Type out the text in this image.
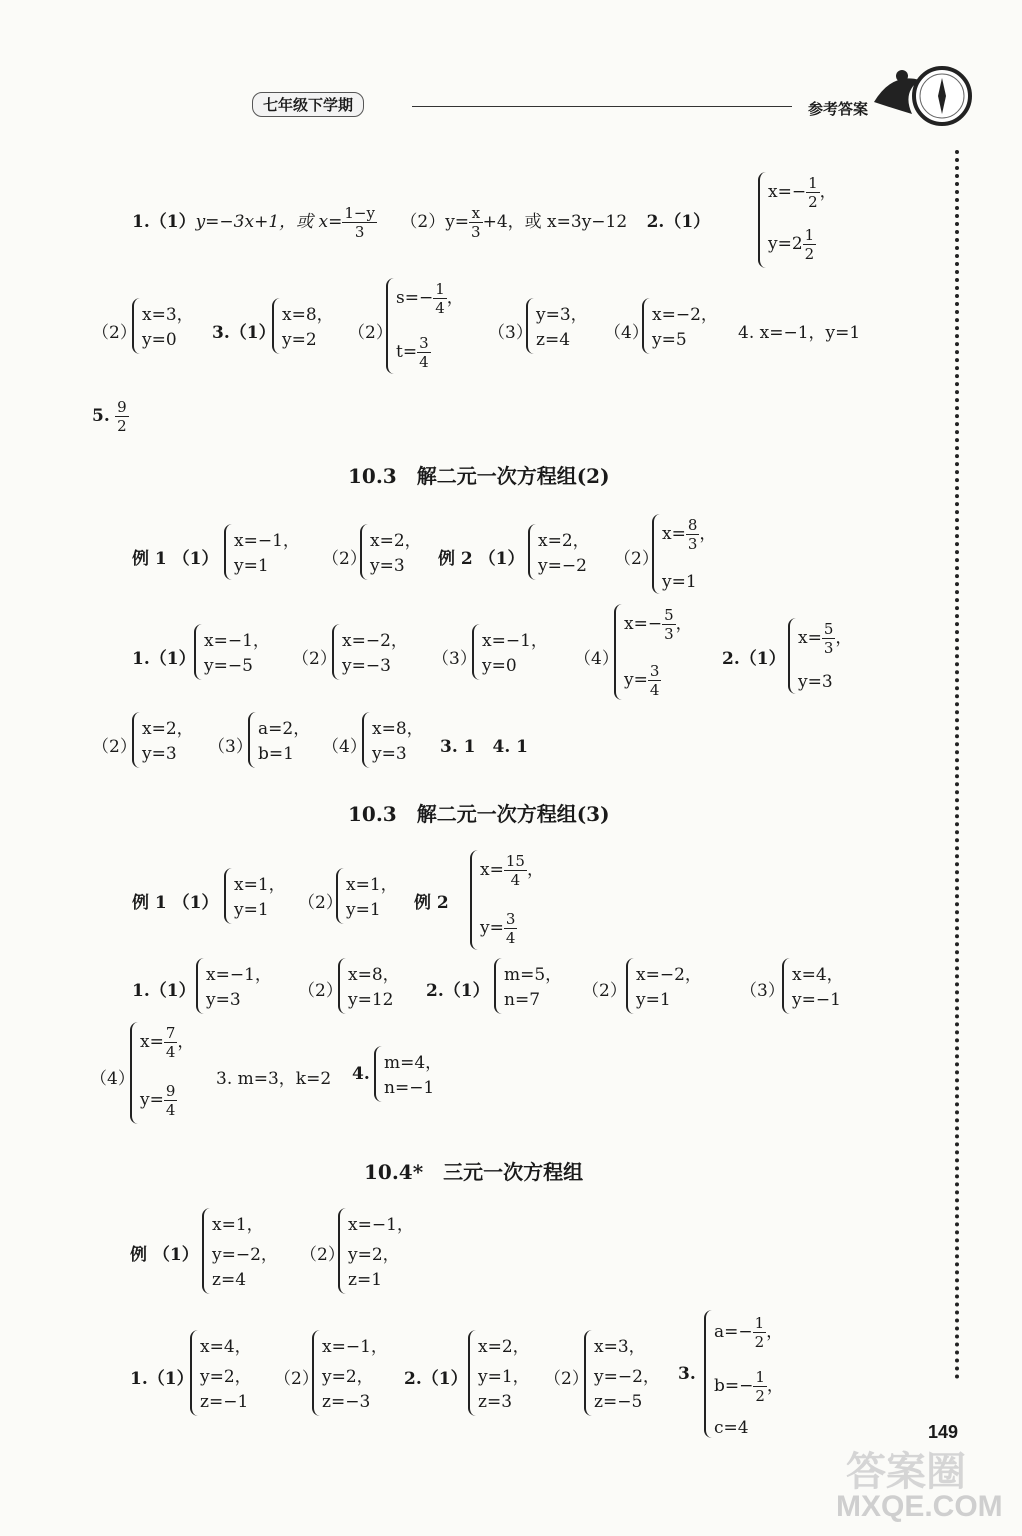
七年级下学期	参考答案
1.（1）y=−3x+1，或 $x= \frac{1-y}{3} (2)y= \frac{x}{3} +4$，或 x=3y−12 2.（1）
$x=- \frac{1}{2}$ ，
$y=2 \frac{1}{2}$
（2）
x=3，
y=0 3.（1）
x=8，
y=2 （2）
$s=- \frac{1}{4}$ ，
$t= \frac{3}{4}$
（3）
y=3，
z=4 （4）
x=−2，
y=5	4. x=−1，y=1
5. $\frac{9}{2}$
10.3　解二元一次方程组(2)
例 1 （1）
x=−1，
y=1	（2）
x=2，
y=3 例 2 （1）
x=2，
y=−2 （2）
$x= \frac{8}{3}$ ，
y=1
1.（1）
x=−1，
y=−5 （2）
x=−2，
y=−3 （3）
x=−1，
y=0	（4）
$x=- \frac{5}{3}$ ，
$y= \frac{3}{4}$
2.（1）
$x= \frac{5}{3}$ ，
y=3
（2）
x=2，
y=3 （3）
a=2，
b=1 （4）
x=8，
y=3 3. 1　4. 1
10.3　解二元一次方程组(3)
例 1 （1）
x=1，
y=1 （2）
x=1，
y=1 例 2
$x= \frac{15}{4}$ ，
$y= \frac{3}{4}$
1.（1）
x=−1，
y=3	（2）
x=8，
y=12 2.（1）
m=5，
n=7 （2）
x=−2，
y=1	（3）
x=4，
y=−1
（4）
$x= \frac{7}{4}$ ，
$y= \frac{9}{4}$
3. m=3，k=2 4.
m=4，
n=−1
10.4*　三元一次方程组
例 （1）
x=1，
y=−2，
z=4
（2）
x=−1，
y=2，
z=1
1.（1）
x=4，
y=2，
z=−1
（2）
x=−1，
y=2，
z=−3
2.（1）
x=2，
y=1，
z=3
（2）
x=3，
y=−2，
z=−5
3.
$a=- \frac{1}{2}$ ，
$b=- \frac{1}{2}$ ，
c=4	149
答案圈
MXQE.COM
